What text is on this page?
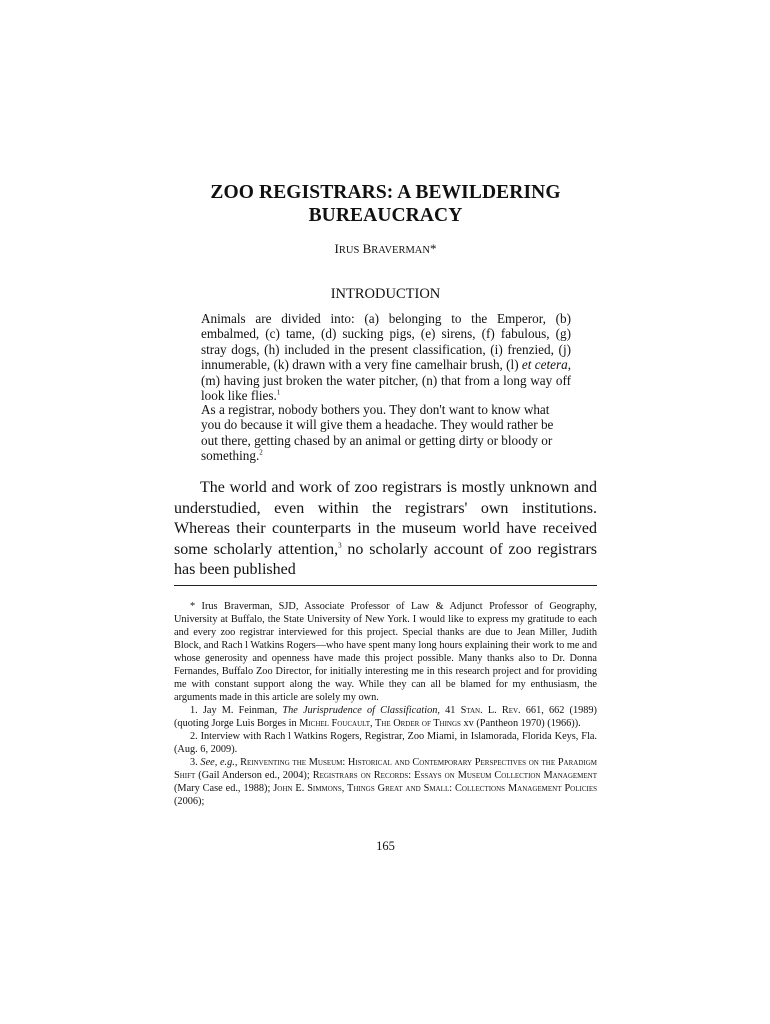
ZOO REGISTRARS: A BEWILDERING
BUREAUCRACY
IRUS BRAVERMAN*
INTRODUCTION
Animals are divided into: (a) belonging to the Emperor, (b) embalmed, (c) tame, (d) sucking pigs, (e) sirens, (f) fabulous, (g) stray dogs, (h) included in the present classification, (i) frenzied, (j) innumerable, (k) drawn with a very fine camelhair brush, (l) et cetera, (m) having just broken the water pitcher, (n) that from a long way off look like flies.$^1$
As a registrar, nobody bothers you. They don't want to know what you do because it will give them a headache. They would rather be out there, getting chased by an animal or getting dirty or bloody or something.$^2$
The world and work of zoo registrars is mostly unknown and understudied, even within the registrars' own institutions. Whereas their counterparts in the museum world have received some scholarly attention,$^3$ no scholarly account of zoo registrars has been published

* Irus Braverman, SJD, Associate Professor of Law & Adjunct Professor of Geography, University at Buffalo, the State University of New York. I would like to express my gratitude to each and every zoo registrar interviewed for this project. Special thanks are due to Jean Miller, Judith Block, and Rach l Watkins Rogers—who have spent many long hours explaining their work to me and whose generosity and openness have made this project possible. Many thanks also to Dr. Donna Fernandes, Buffalo Zoo Director, for initially interesting me in this research project and for providing me with constant support along the way. While they can all be blamed for my enthusiasm, the arguments made in this article are solely my own.

1. Jay M. Feinman, The Jurisprudence of Classification, 41 Stan. L. Rev. 661, 662 (1989) (quoting Jorge Luis Borges in Michel Foucault, The Order of Things xv (Pantheon 1970) (1966)).

2. Interview with Rach l Watkins Rogers, Registrar, Zoo Miami, in Islamorada, Florida Keys, Fla. (Aug. 6, 2009).

3. See, e.g., Reinventing the Museum: Historical and Contemporary Perspectives on the Paradigm Shift (Gail Anderson ed., 2004); Registrars on Records: Essays on Museum Collection Management (Mary Case ed., 1988); John E. Simmons, Things Great and Small: Collections Management Policies (2006);

165
